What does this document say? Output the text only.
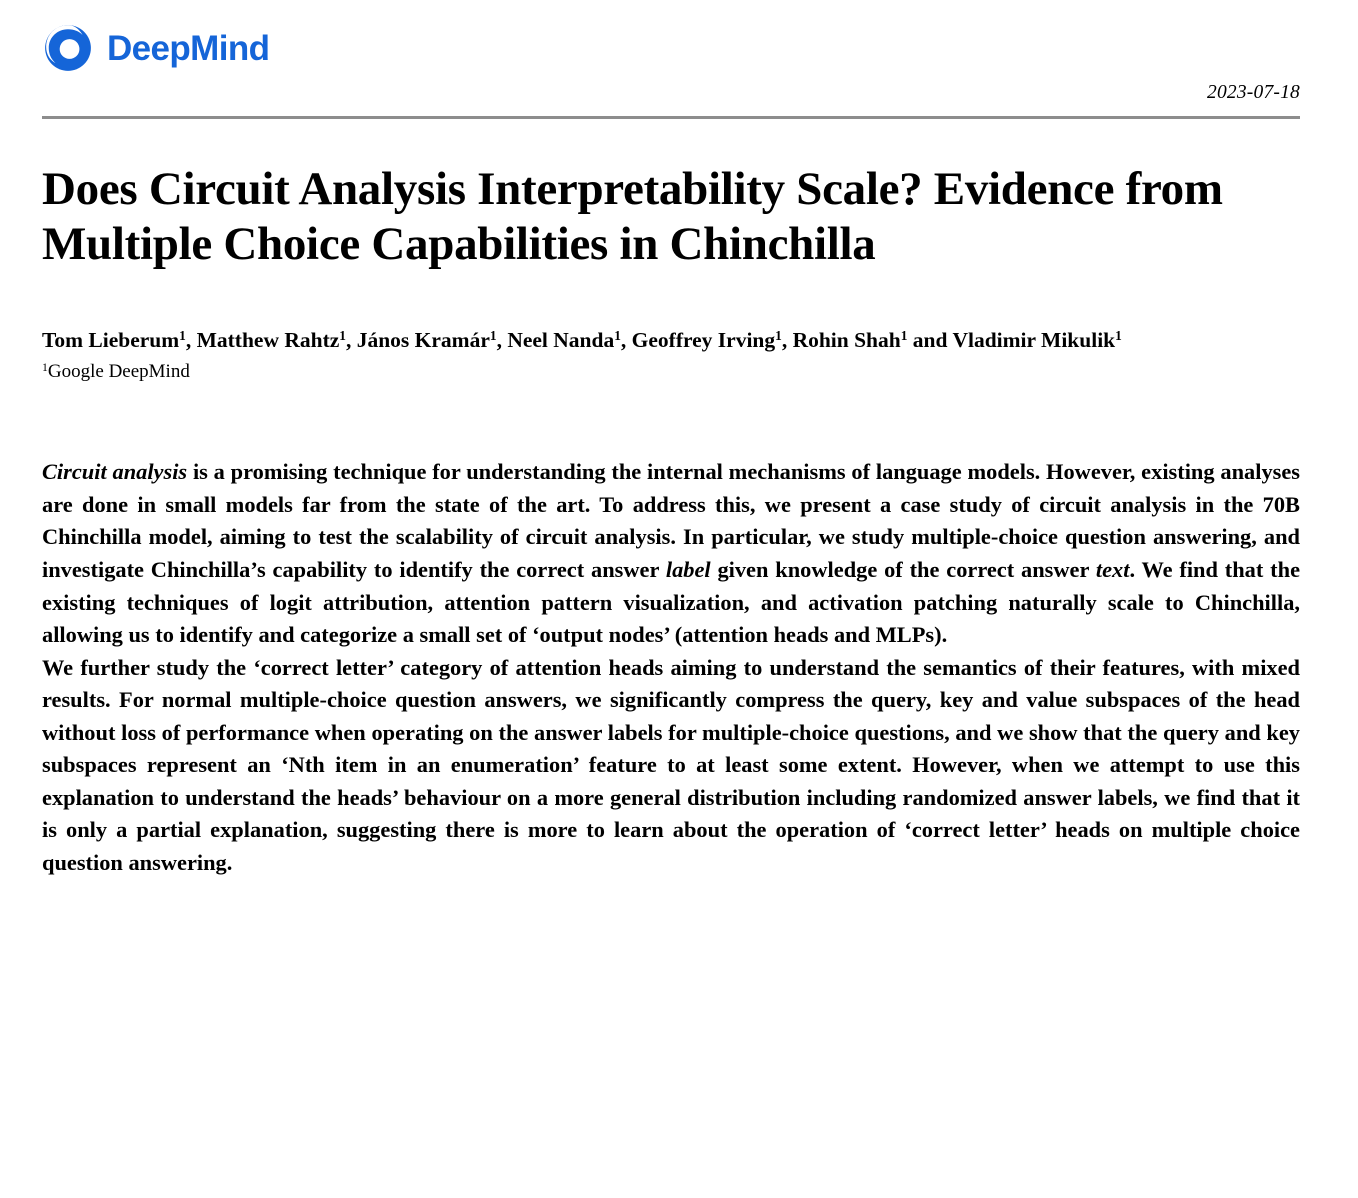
DeepMind
2023-07-18
Does Circuit Analysis Interpretability Scale? Evidence from Multiple Choice Capabilities in Chinchilla
Tom Lieberum$^1$, Matthew Rahtz$^1$, János Kramár$^1$, Neel Nanda$^1$, Geoffrey Irving$^1$, Rohin Shah$^1$ and Vladimir Mikulik$^1$
$^1$Google DeepMind

Circuit analysis is a promising technique for understanding the internal mechanisms of language models. However, existing analyses are done in small models far from the state of the art. To address this, we present a case study of circuit analysis in the 70B Chinchilla model, aiming to test the scalability of circuit analysis. In particular, we study multiple-choice question answering, and investigate Chinchilla’s capability to identify the correct answer label given knowledge of the correct answer text. We find that the existing techniques of logit attribution, attention pattern visualization, and activation patching naturally scale to Chinchilla, allowing us to identify and categorize a small set of ‘output nodes’ (attention heads and MLPs).

We further study the ‘correct letter’ category of attention heads aiming to understand the semantics of their features, with mixed results. For normal multiple-choice question answers, we significantly compress the query, key and value subspaces of the head without loss of performance when operating on the answer labels for multiple-choice questions, and we show that the query and key subspaces represent an ‘Nth item in an enumeration’ feature to at least some extent. However, when we attempt to use this explanation to understand the heads’ behaviour on a more general distribution including randomized answer labels, we find that it is only a partial explanation, suggesting there is more to learn about the operation of ‘correct letter’ heads on multiple choice question answering.
